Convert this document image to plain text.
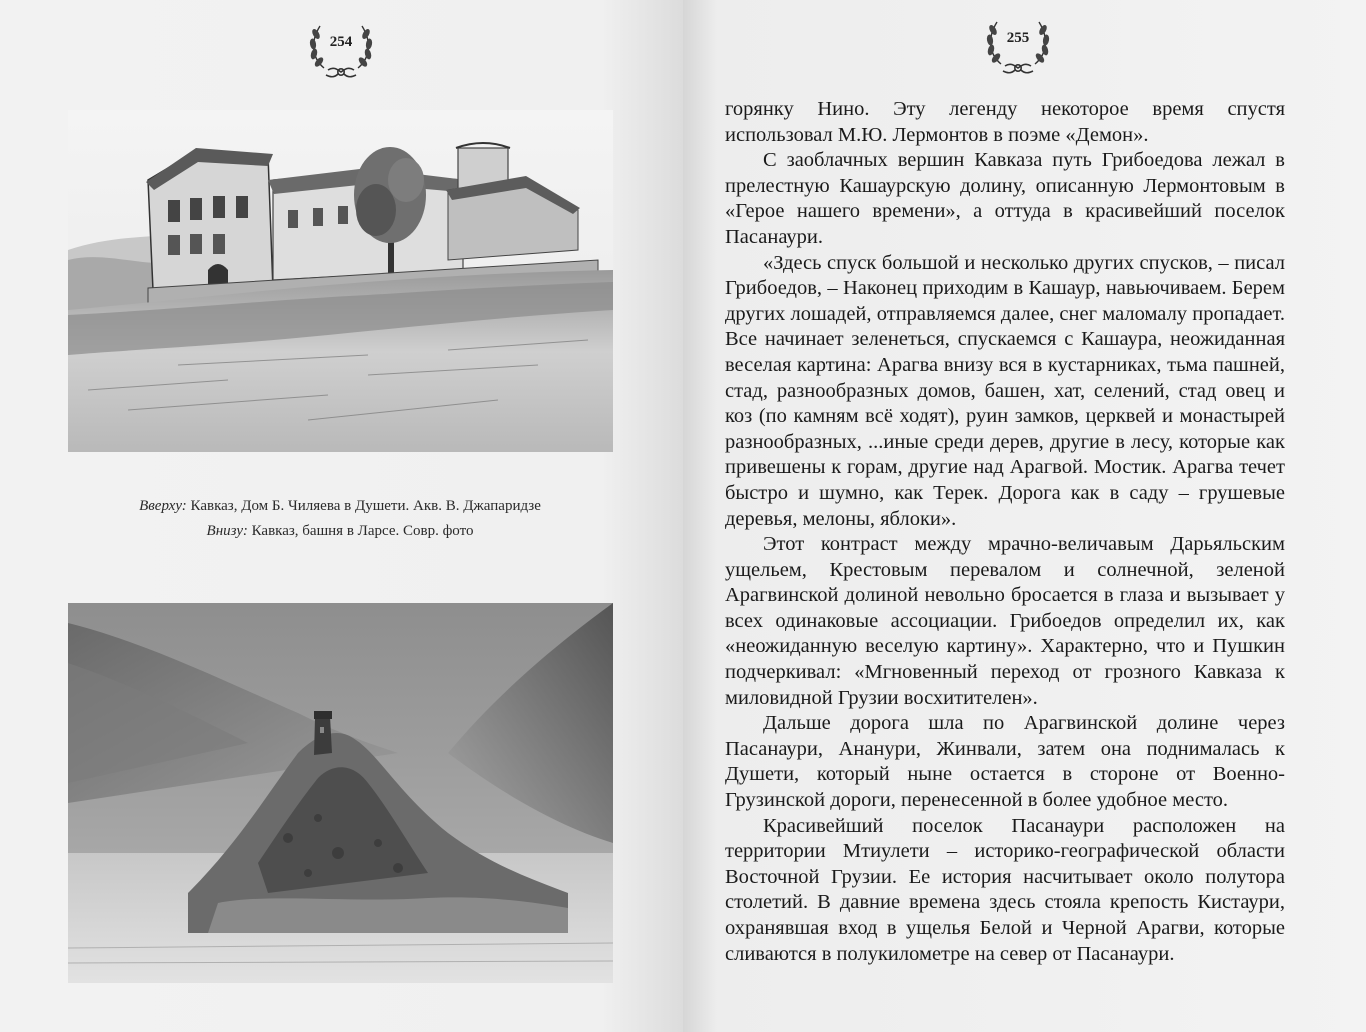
254
Вверху: Кавказ, Дом Б. Чиляева в Душети. Акв. В. Джапаридзе
Внизу: Кавказ, башня в Ларсе. Совр. фото
255

горянку Нино. Эту легенду некоторое время спустя использовал М.Ю. Лермонтов в поэме «Демон».

С заоблачных вершин Кавказа путь Грибоедова лежал в прелестную Кашаурскую долину, описанную Лермонтовым в «Герое нашего времени», а оттуда в красивейший поселок Пасанаури.

«Здесь спуск большой и несколько других спусков, – писал Грибоедов, – Наконец приходим в Кашаур, навьючиваем. Берем других лошадей, отправляемся далее, снег маломалу пропадает. Все начинает зеленеться, спускаемся с Кашаура, неожиданная веселая картина: Арагва внизу вся в кустарниках, тьма пашней, стад, разнообразных домов, башен, хат, селений, стад овец и коз (по камням всё ходят), руин замков, церквей и монастырей разнообразных, ...иные среди дерев, другие в лесу, которые как привешены к горам, другие над Арагвой. Мостик. Арагва течет быстро и шумно, как Терек. Дорога как в саду – грушевые деревья, мелоны, яблоки».

Этот контраст между мрачно-величавым Дарьяльским ущельем, Крестовым перевалом и солнечной, зеленой Арагвинской долиной невольно бросается в глаза и вызывает у всех одинаковые ассоциации. Грибоедов определил их, как «неожиданную веселую картину». Характерно, что и Пушкин подчеркивал: «Мгновенный переход от грозного Кавказа к миловидной Грузии восхитителен».

Дальше дорога шла по Арагвинской долине через Пасанаури, Ананури, Жинвали, затем она поднималась к Душети, который ныне остается в стороне от Военно-Грузинской дороги, перенесенной в более удобное место.

Красивейший поселок Пасанаури расположен на территории Мтиулети – историко-географической области Восточной Грузии. Ее история насчитывает около полутора столетий. В давние времена здесь стояла крепость Кистаури, охранявшая вход в ущелья Белой и Черной Арагви, которые сливаются в полукилометре на север от Пасанаури.
